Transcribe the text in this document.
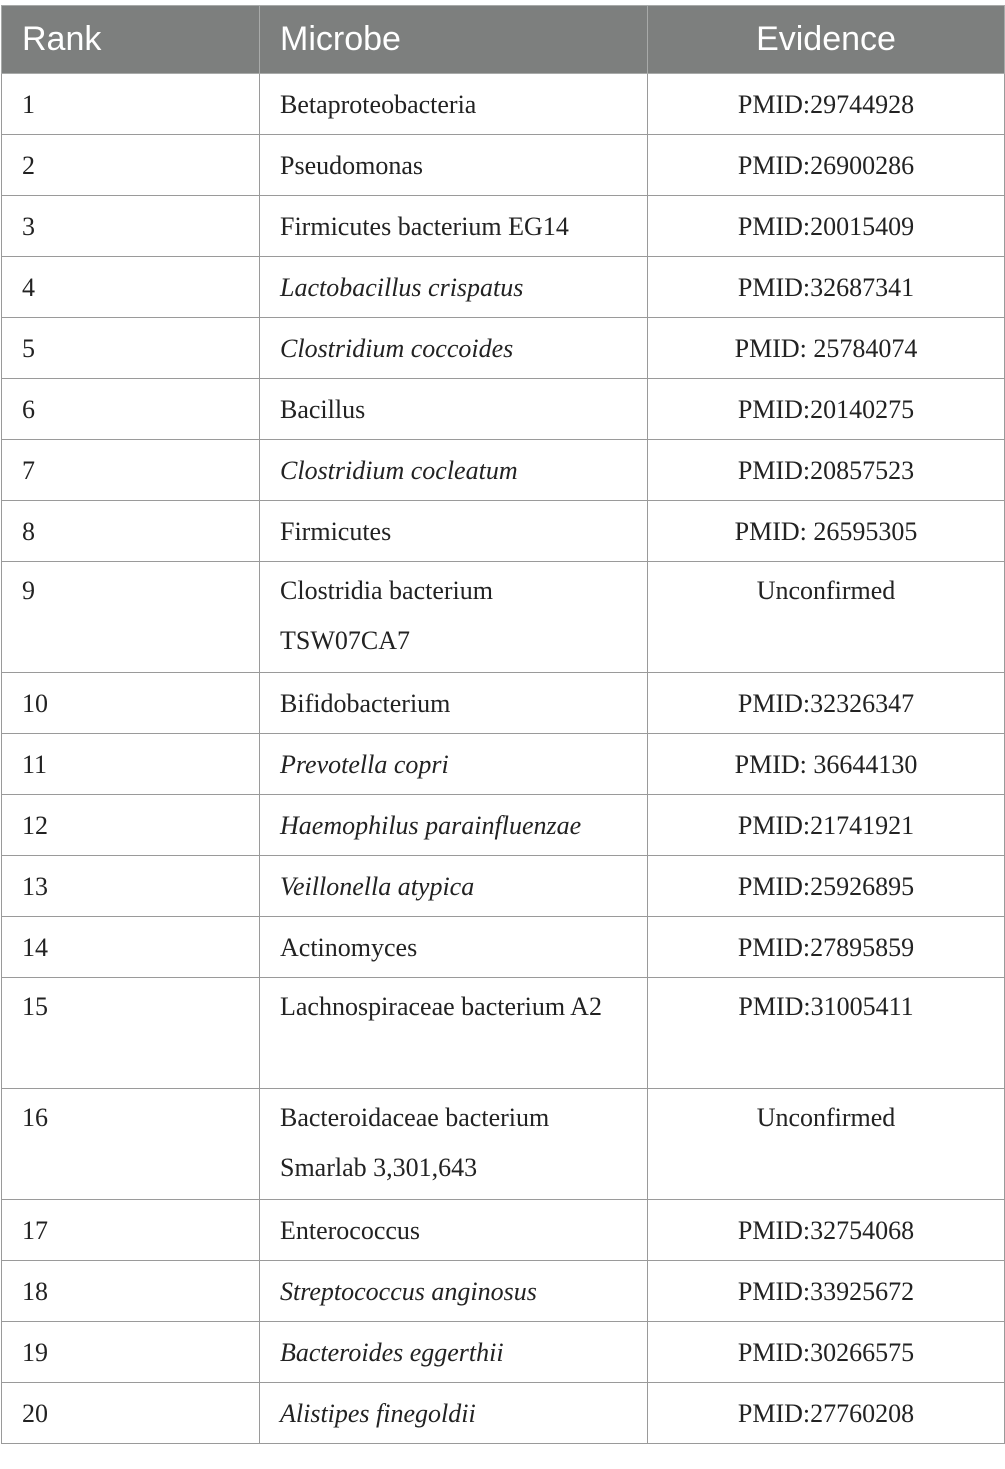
Rank	Microbe	Evidence
1	Betaproteobacteria	PMID:29744928
2	Pseudomonas	PMID:26900286
3	Firmicutes bacterium EG14	PMID:20015409
4	Lactobacillus crispatus	PMID:32687341
5	Clostridium coccoides	PMID: 25784074
6	Bacillus	PMID:20140275
7	Clostridium cocleatum	PMID:20857523
8	Firmicutes	PMID: 26595305
9	Clostridia bacterium TSW07CA7	Unconfirmed
10	Bifidobacterium	PMID:32326347
11	Prevotella copri	PMID: 36644130
12	Haemophilus parainfluenzae	PMID:21741921
13	Veillonella atypica	PMID:25926895
14	Actinomyces	PMID:27895859
15	Lachnospiraceae bacterium A2	PMID:31005411
16	Bacteroidaceae bacterium Smarlab 3,301,643	Unconfirmed
17	Enterococcus	PMID:32754068
18	Streptococcus anginosus	PMID:33925672
19	Bacteroides eggerthii	PMID:30266575
20	Alistipes finegoldii	PMID:27760208
